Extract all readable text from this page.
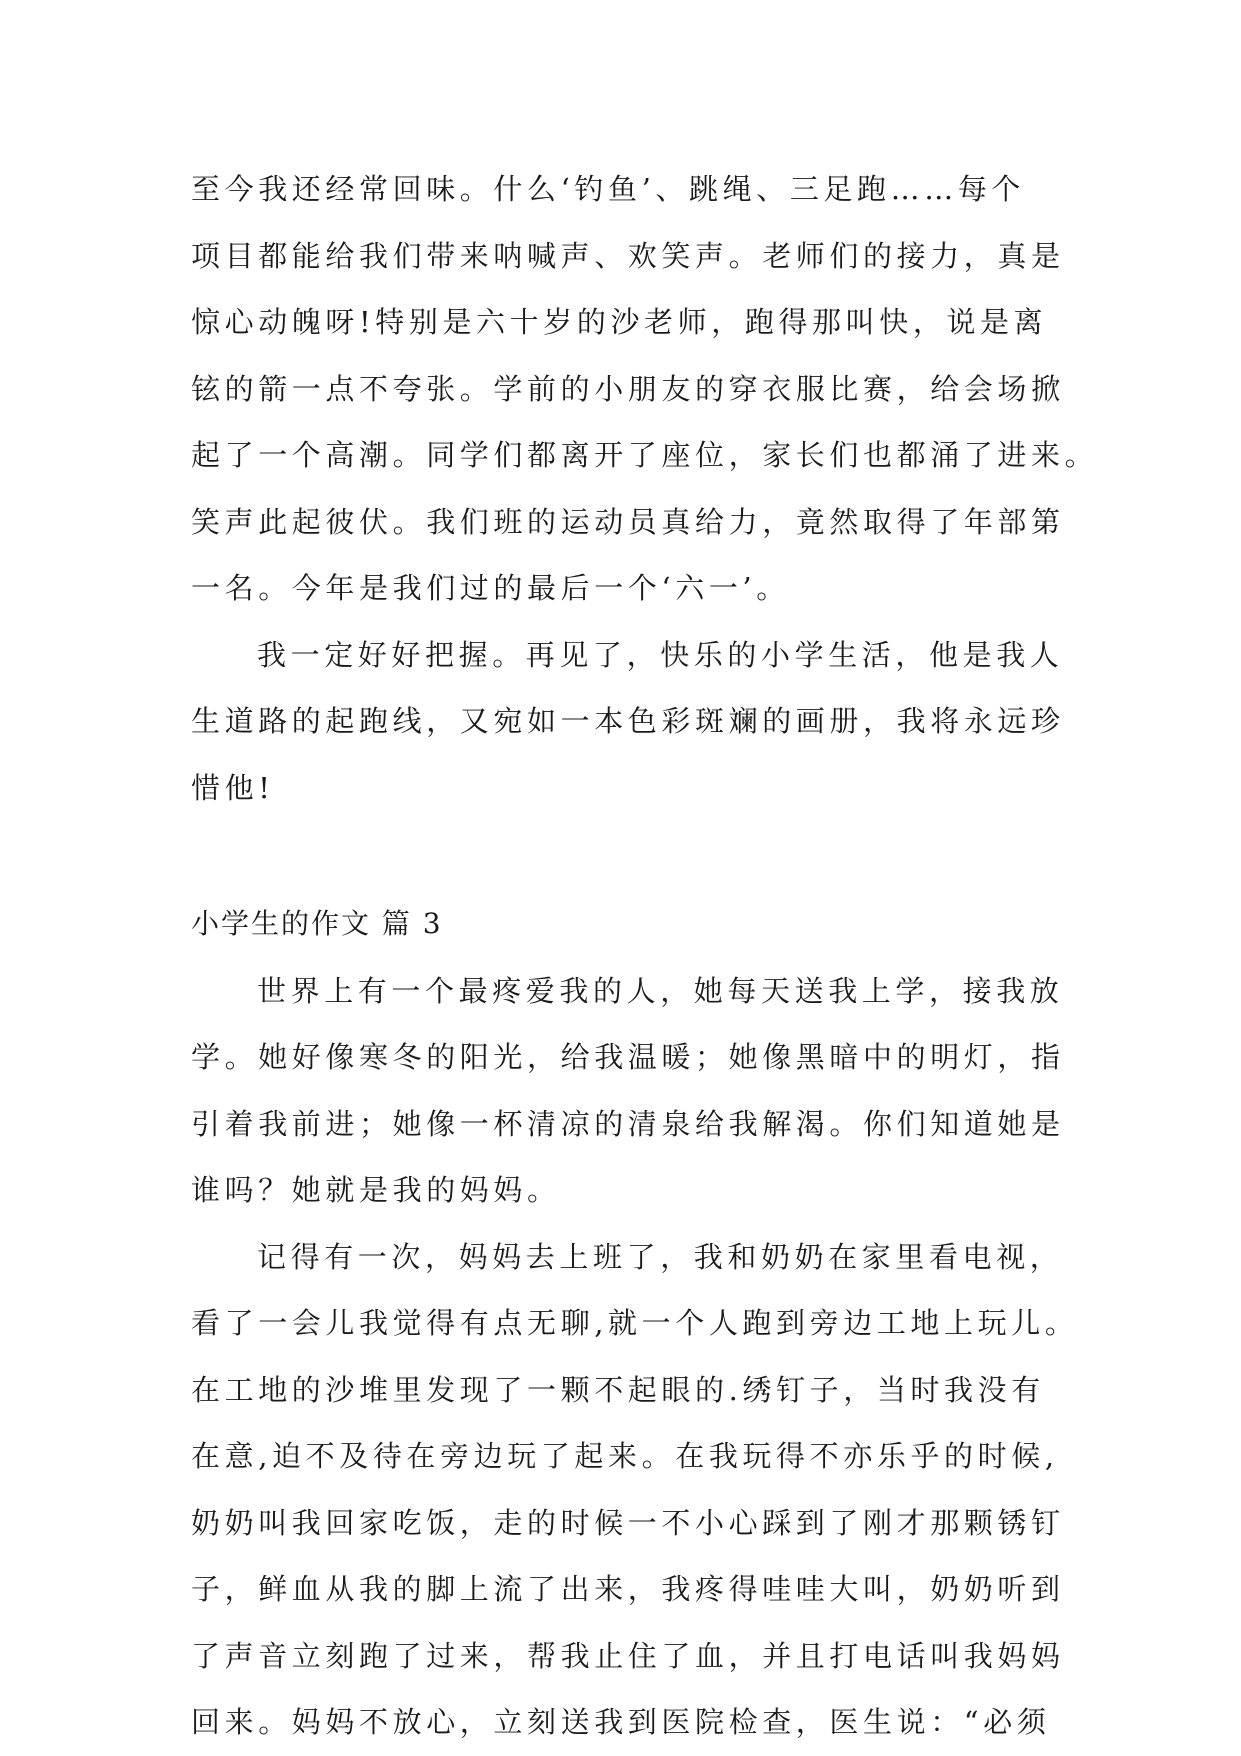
至今我还经常回味。什么‘钓鱼’、跳绳、三足跑……每个
项目都能给我们带来呐喊声、欢笑声。老师们的接力，真是
惊心动魄呀!特别是六十岁的沙老师，跑得那叫快，说是离
铉的箭一点不夸张。学前的小朋友的穿衣服比赛，给会场掀
起了一个高潮。同学们都离开了座位，家长们也都涌了进来。
笑声此起彼伏。我们班的运动员真给力，竟然取得了年部第
一名。今年是我们过的最后一个‘六一’。
我一定好好把握。再见了，快乐的小学生活，他是我人
生道路的起跑线，又宛如一本色彩斑斓的画册，我将永远珍
惜他!
小学生的作文 篇 3
世界上有一个最疼爱我的人，她每天送我上学，接我放
学。她好像寒冬的阳光，给我温暖；她像黑暗中的明灯，指
引着我前进；她像一杯清凉的清泉给我解渴。你们知道她是
谁吗？她就是我的妈妈。
记得有一次，妈妈去上班了，我和奶奶在家里看电视，
看了一会儿我觉得有点无聊,就一个人跑到旁边工地上玩儿。
在工地的沙堆里发现了一颗不起眼的.绣钉子，当时我没有
在意,迫不及待在旁边玩了起来。在我玩得不亦乐乎的时候,
奶奶叫我回家吃饭，走的时候一不小心踩到了刚才那颗锈钉
子，鲜血从我的脚上流了出来，我疼得哇哇大叫，奶奶听到
了声音立刻跑了过来，帮我止住了血，并且打电话叫我妈妈
回来。妈妈不放心，立刻送我到医院检查，医生说：“必须
